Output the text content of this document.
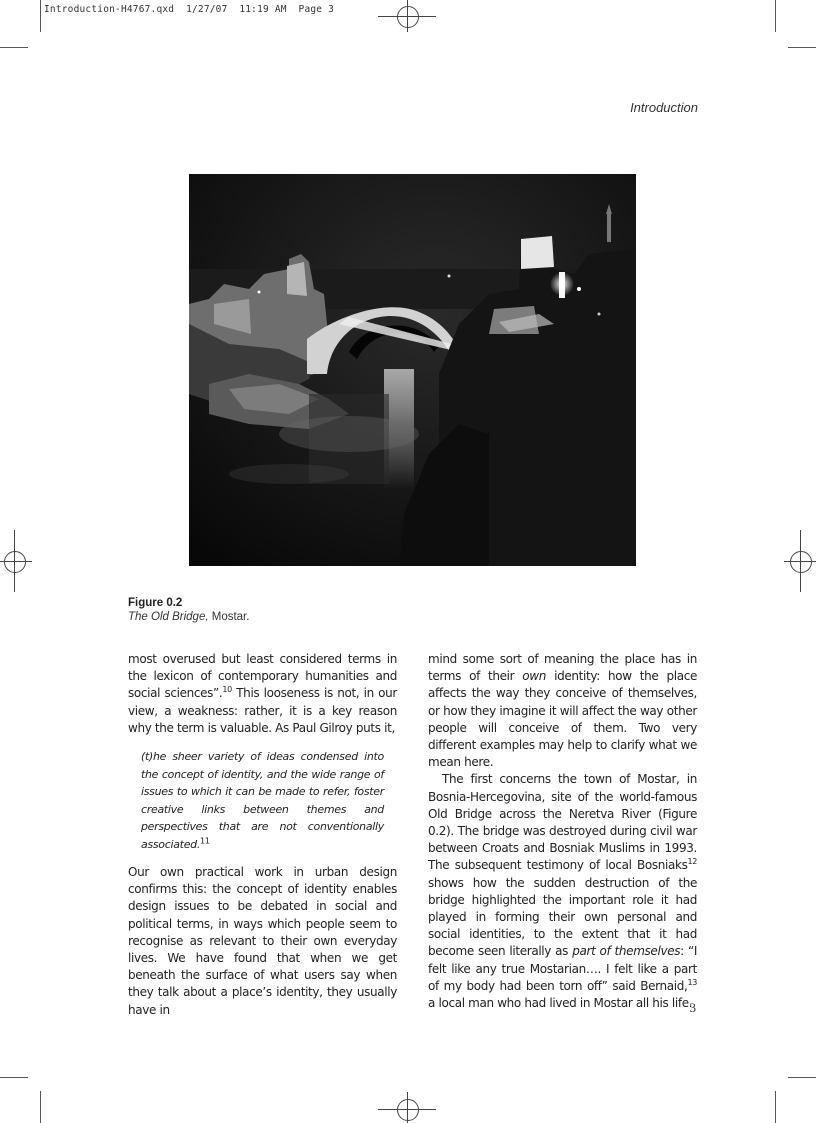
Introduction-H4767.qxd  1/27/07  11:19 AM  Page 3
Introduction
Figure 0.2
The Old Bridge, Mostar.

most overused but least considered terms in the lexicon of contemporary humanities and social sciences”.$^{10}$ This looseness is not, in our view, a weakness: rather, it is a key reason why the term is valuable. As Paul Gilroy puts it,

(t)he sheer variety of ideas condensed into the concept of identity, and the wide range of issues to which it can be made to refer, foster creative links between themes and perspectives that are not conventionally associated.$^{11}$

Our own practical work in urban design confirms this: the concept of identity enables design issues to be debated in social and political terms, in ways which people seem to recognise as relevant to their own everyday lives. We have found that when we get beneath the surface of what users say when they talk about a place’s identity, they usually have in

mind some sort of meaning the place has in terms of their own identity: how the place affects the way they conceive of themselves, or how they imagine it will affect the way other people will conceive of them. Two very different examples may help to clarify what we mean here.

The first concerns the town of Mostar, in Bosnia-Hercegovina, site of the world-famous Old Bridge across the Neretva River (Figure 0.2). The bridge was destroyed during civil war between Croats and Bosniak Muslims in 1993. The subsequent testimony of local Bosniaks$^{12}$ shows how the sudden destruction of the bridge highlighted the important role it had played in forming their own personal and social identities, to the extent that it had become seen literally as part of themselves: “I felt like any true Mostarian…. I felt like a part of my body had been torn off” said Bernaid,$^{13}$ a local man who had lived in Mostar all his life.

3
